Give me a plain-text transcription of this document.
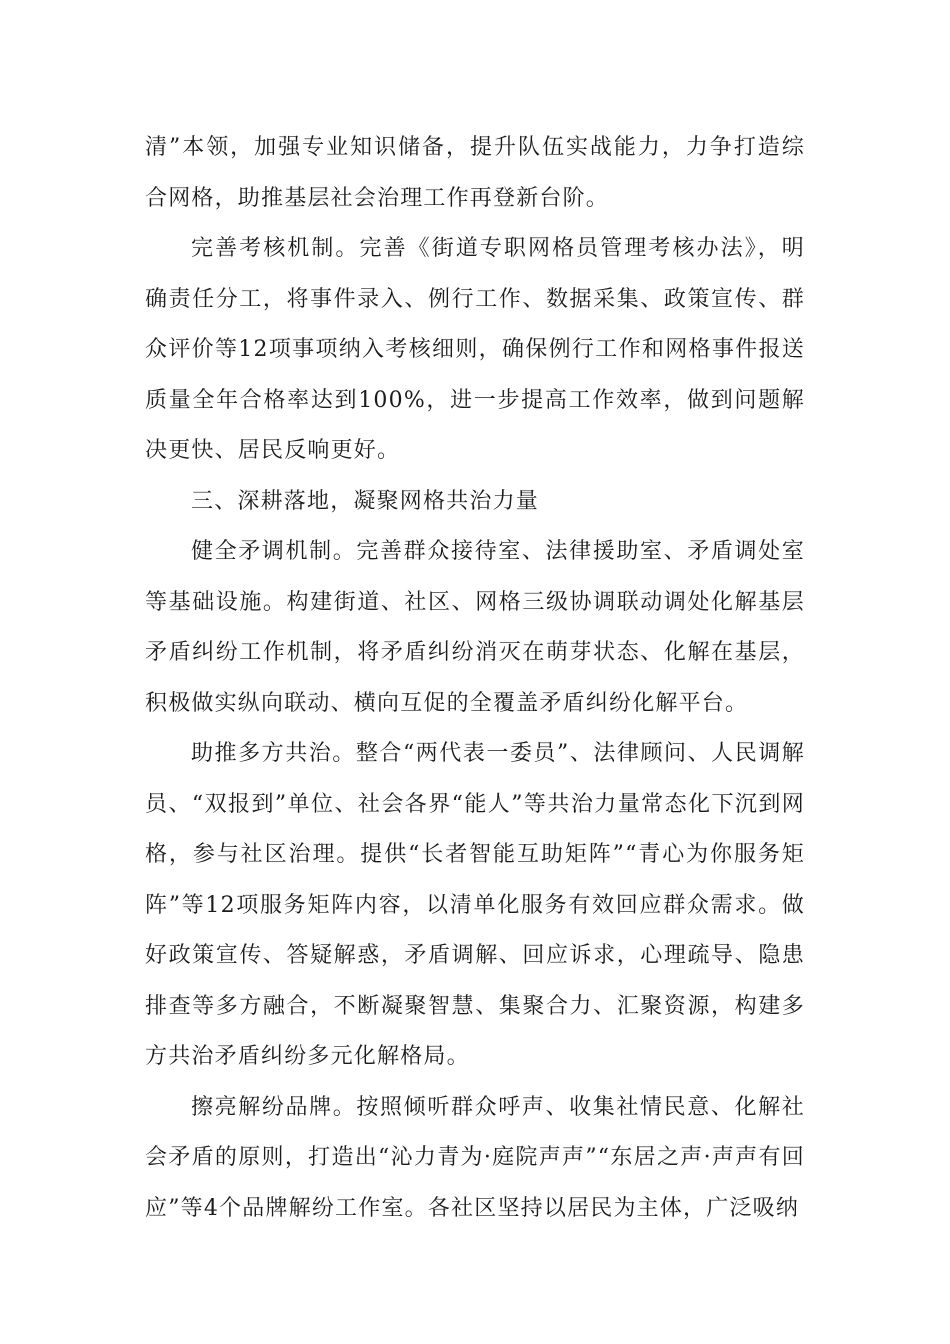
清”本领，加强专业知识储备，提升队伍实战能力，力争打造综合网格，助推基层社会治理工作再登新台阶。

完善考核机制。完善《街道专职网格员管理考核办法》，明确责任分工，将事件录入、例行工作、数据采集、政策宣传、群众评价等12项事项纳入考核细则，确保例行工作和网格事件报送质量全年合格率达到100%，进一步提高工作效率，做到问题解决更快、居民反响更好。

三、深耕落地，凝聚网格共治力量

健全矛调机制。完善群众接待室、法律援助室、矛盾调处室等基础设施。构建街道、社区、网格三级协调联动调处化解基层矛盾纠纷工作机制，将矛盾纠纷消灭在萌芽状态、化解在基层，积极做实纵向联动、横向互促的全覆盖矛盾纠纷化解平台。

助推多方共治。整合“两代表一委员”、法律顾问、人民调解员、“双报到”单位、社会各界“能人”等共治力量常态化下沉到网格，参与社区治理。提供“长者智能互助矩阵”“青心为你服务矩阵”等12项服务矩阵内容，以清单化服务有效回应群众需求。做好政策宣传、答疑解惑，矛盾调解、回应诉求，心理疏导、隐患排查等多方融合，不断凝聚智慧、集聚合力、汇聚资源，构建多方共治矛盾纠纷多元化解格局。

擦亮解纷品牌。按照倾听群众呼声、收集社情民意、化解社会矛盾的原则，打造出“沁力青为·庭院声声”“东居之声·声声有回应”等4个品牌解纷工作室。各社区坚持以居民为主体，广泛吸纳
